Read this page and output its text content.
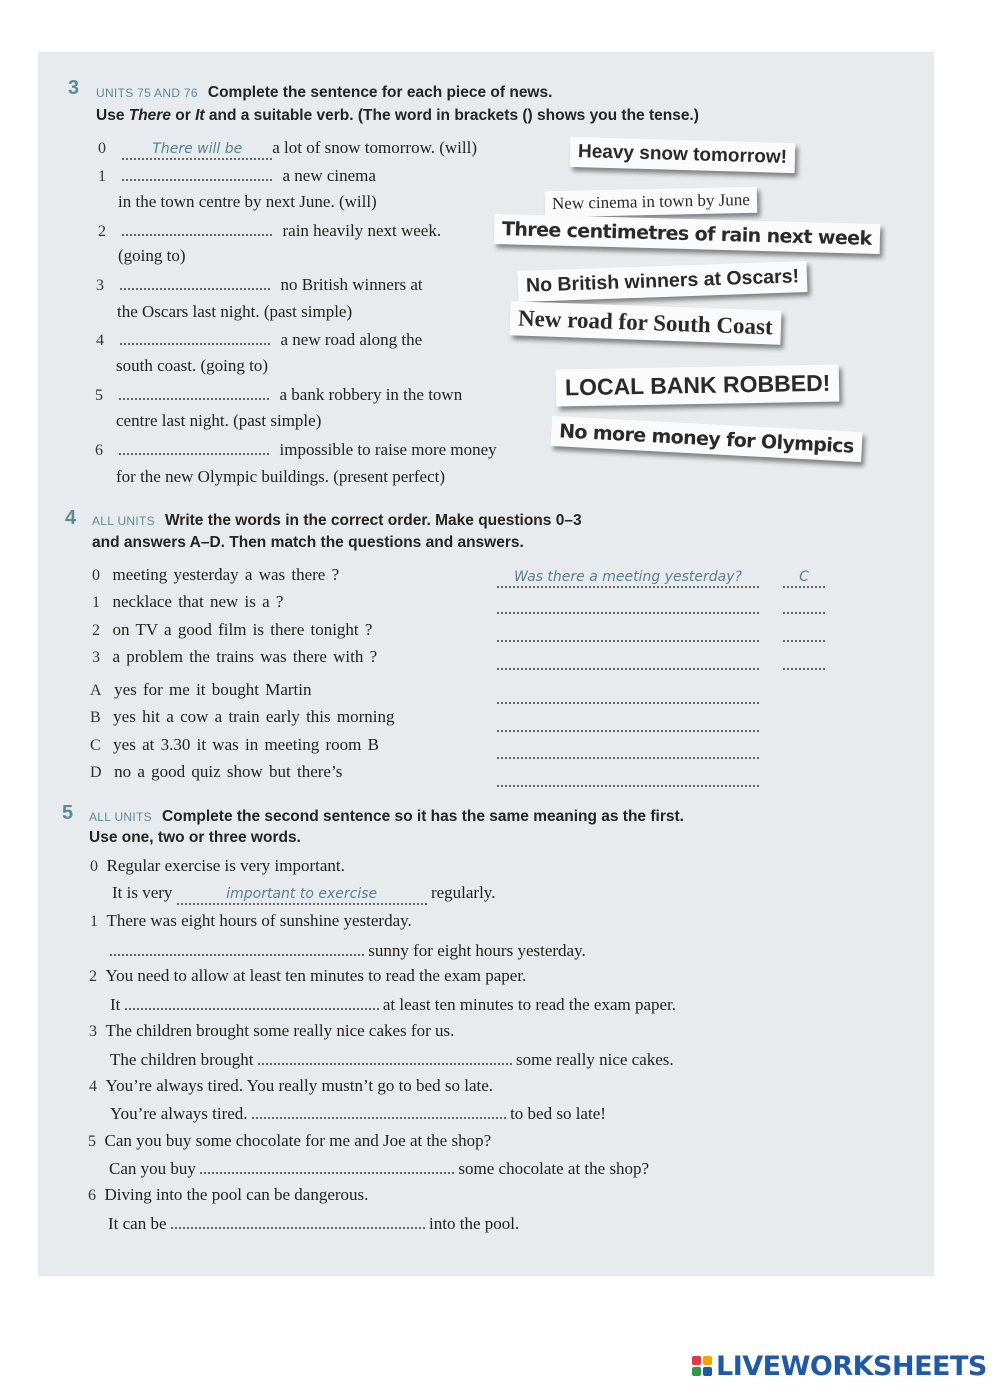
3 UNITS 75 AND 76 Complete the sentence for each piece of news.
Use There or It and a suitable verb. (The word in brackets () shows you the tense.)
0	There will be a lot of snow tomorrow. (will)
1	a new cinema
in the town centre by next June. (will)
2	rain heavily next week.
(going to)
3	no British winners at
the Oscars last night. (past simple)
4	a new road along the
south coast. (going to)
5	a bank robbery in the town
centre last night. (past simple)
6	impossible to raise more money
for the new Olympic buildings. (present perfect)
Heavy snow tomorrow!
New cinema in town by June
Three centimetres of rain next week
No British winners at Oscars!
New road for South Coast
LOCAL BANK ROBBED!
No more money for Olympics
4 ALL UNITS Write the words in the correct order. Make questions 0–3
and answers A–D. Then match the questions and answers.
0 meeting yesterday a was there ?
1 necklace that new is a ?
2 on TV a good film is there tonight ?
3 a problem the trains was there with ?
A yes for me it bought Martin
B yes hit a cow a train early this morning
C yes at 3.30 it was in meeting room B
D no a good quiz show but there’s
Was there a meeting yesterday?	C
5 ALL UNITS Complete the second sentence so it has the same meaning as the first.
Use one, two or three words.
0 Regular exercise is very important.
It is very	important to exercise	regularly.
1 There was eight hours of sunshine yesterday.
sunny for eight hours yesterday.
2 You need to allow at least ten minutes to read the exam paper.
It	at least ten minutes to read the exam paper.
3 The children brought some really nice cakes for us.
The children brought	some really nice cakes.
4 You’re always tired. You really mustn’t go to bed so late.
You’re always tired.	to bed so late!
5 Can you buy some chocolate for me and Joe at the shop?
Can you buy	some chocolate at the shop?
6 Diving into the pool can be dangerous.
It can be	into the pool.
LIVEWORKSHEETS
